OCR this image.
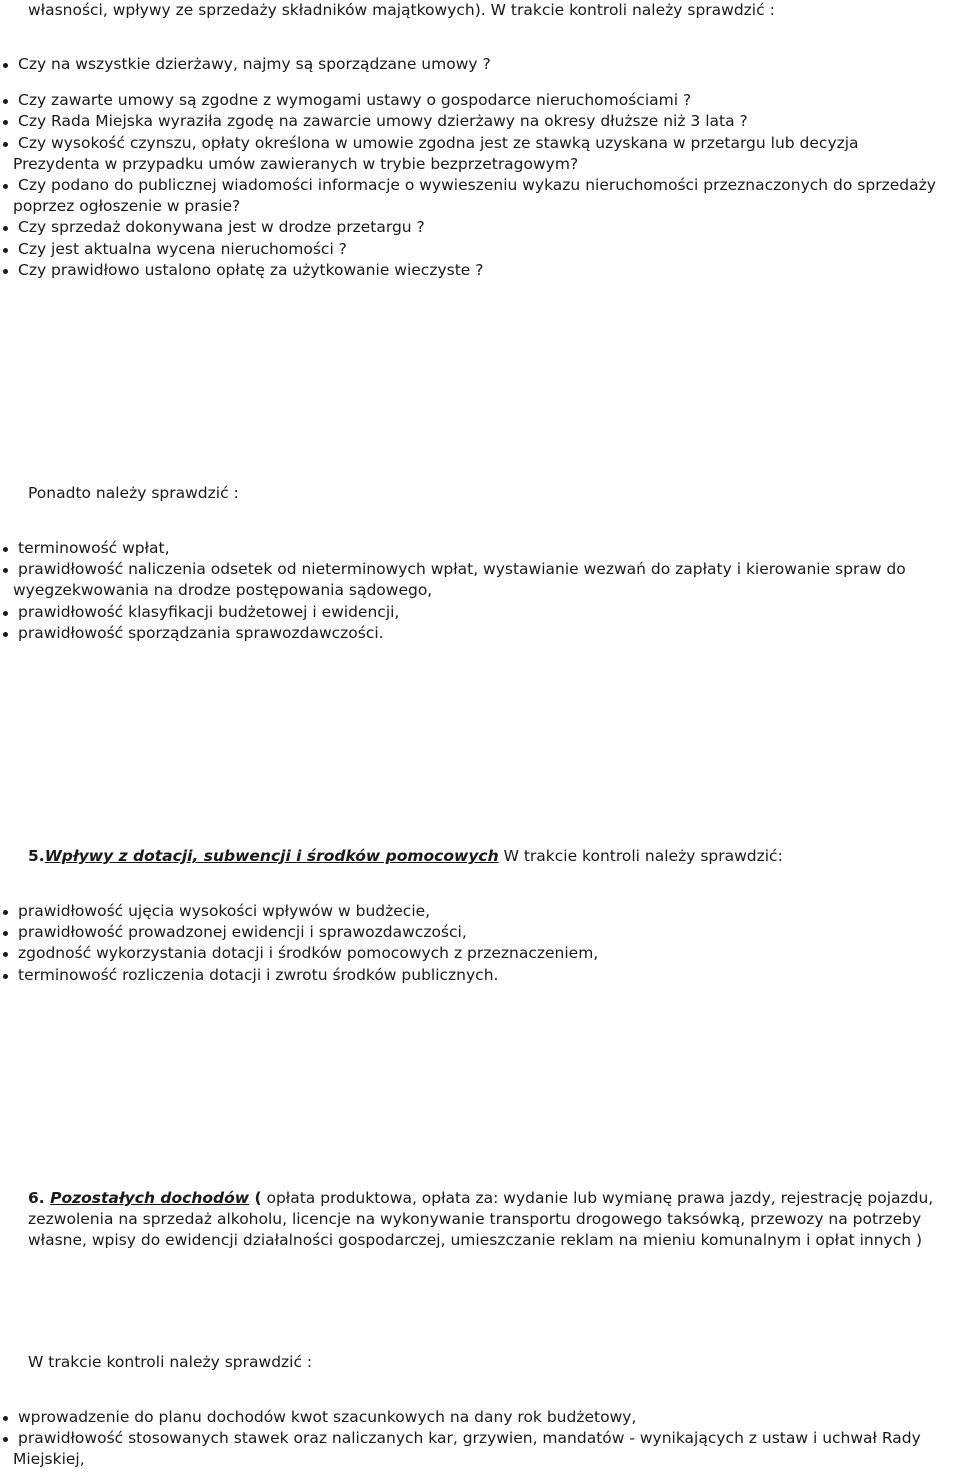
własności, wpływy ze sprzedaży składników majątkowych). W trakcie kontroli należy sprawdzić :

Czy na wszystkie dzierżawy, najmy są sporządzane umowy ?
Czy zawarte umowy są zgodne z wymogami ustawy o gospodarce nieruchomościami ?
Czy Rada Miejska wyraziła zgodę na zawarcie umowy dzierżawy na okresy dłuższe niż 3 lata ?
Czy wysokość czynszu, opłaty określona w umowie zgodna jest ze stawką uzyskana w przetargu lub decyzja
Prezydenta w przypadku umów zawieranych w trybie bezprzetragowym?
Czy podano do publicznej wiadomości informacje o wywieszeniu wykazu nieruchomości przeznaczonych do sprzedaży
poprzez ogłoszenie w prasie?
Czy sprzedaż dokonywana jest w drodze przetargu ?
Czy jest aktualna wycena nieruchomości ?
Czy prawidłowo ustalono opłatę za użytkowanie wieczyste ?

Ponadto należy sprawdzić :

terminowość wpłat,
prawidłowość naliczenia odsetek od nieterminowych wpłat, wystawianie wezwań do zapłaty i kierowanie spraw do
wyegzekwowania na drodze postępowania sądowego,
prawidłowość klasyfikacji budżetowej i ewidencji,
prawidłowość sporządzania sprawozdawczości.

5.Wpływy z dotacji, subwencji i środków pomocowych W trakcie kontroli należy sprawdzić:

prawidłowość ujęcia wysokości wpływów w budżecie,
prawidłowość prowadzonej ewidencji i sprawozdawczości,
zgodność wykorzystania dotacji i środków pomocowych z przeznaczeniem,
terminowość rozliczenia dotacji i zwrotu środków publicznych.
6. Pozostałych dochodów ( opłata produktowa, opłata za: wydanie lub wymianę prawa jazdy, rejestrację pojazdu,
zezwolenia na sprzedaż alkoholu, licencje na wykonywanie transportu drogowego taksówką, przewozy na potrzeby
własne, wpisy do ewidencji działalności gospodarczej, umieszczanie reklam na mieniu komunalnym i opłat innych )

W trakcie kontroli należy sprawdzić :

wprowadzenie do planu dochodów kwot szacunkowych na dany rok budżetowy,
prawidłowość stosowanych stawek oraz naliczanych kar, grzywien, mandatów - wynikających z ustaw i uchwał Rady
Miejskiej,
